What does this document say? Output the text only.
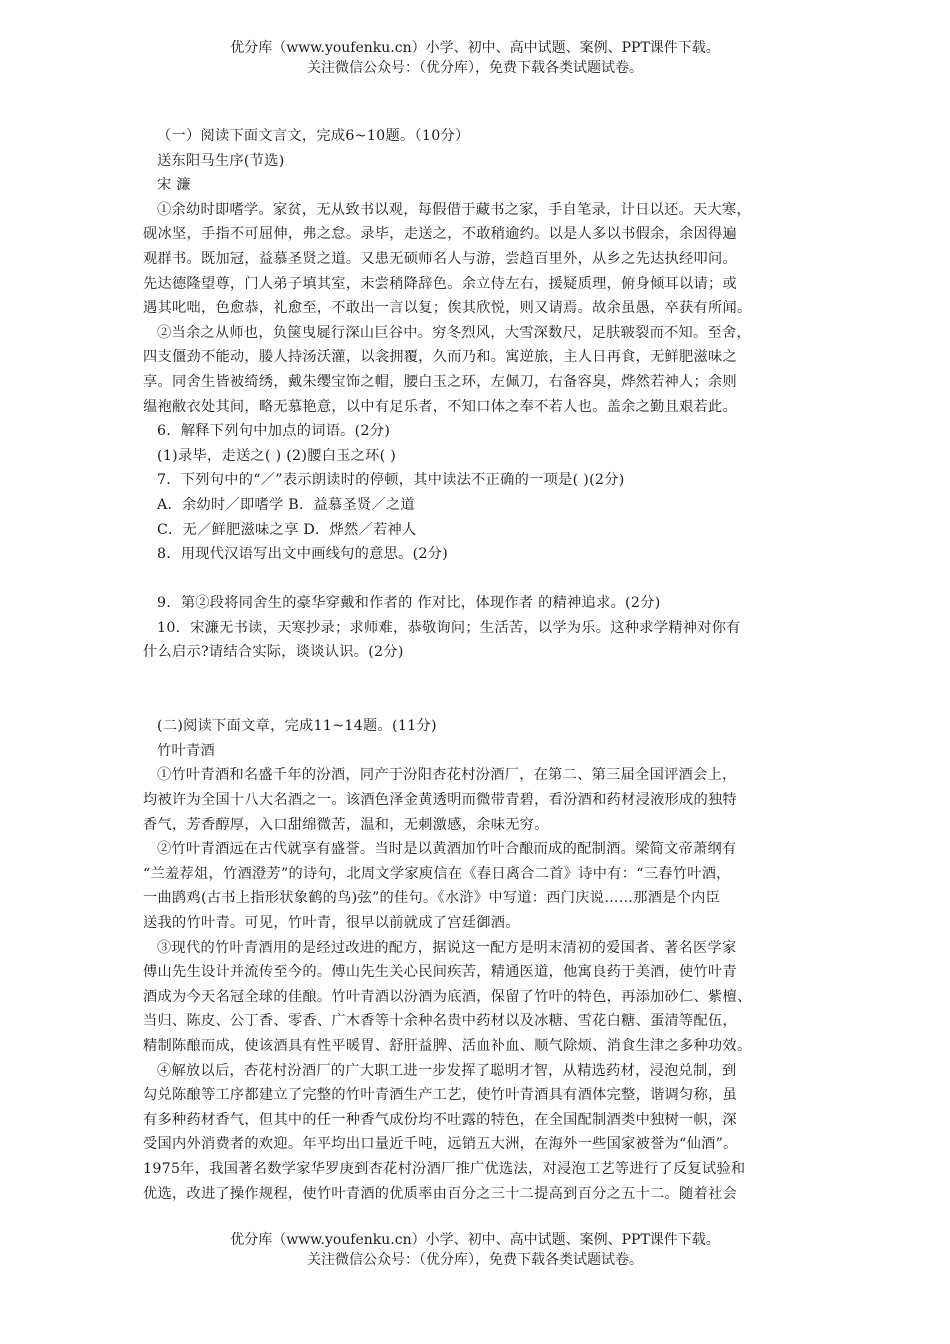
优分库（www.youfenku.cn）小学、初中、高中试题、案例、PPT课件下载。
关注微信公众号：（优分库），免费下载各类试题试卷。
（一）阅读下面文言文，完成6~10题。（10分）
送东阳马生序(节选)
宋 濂
①余幼时即嗜学。家贫，无从致书以观，每假借于藏书之家，手自笔录，计日以还。天大寒，
砚冰坚，手指不可屈伸，弗之怠。录毕，走送之，不敢稍逾约。以是人多以书假余，余因得遍
观群书。既加冠，益慕圣贤之道。又患无硕师名人与游，尝趋百里外，从乡之先达执经叩问。
先达德隆望尊，门人弟子填其室，未尝稍降辞色。余立侍左右，援疑质理，俯身倾耳以请；或
遇其叱咄，色愈恭，礼愈至，不敢出一言以复；俟其欣悦，则又请焉。故余虽愚，卒获有所闻。
②当余之从师也，负箧曳屣行深山巨谷中。穷冬烈风，大雪深数尺，足肤皲裂而不知。至舍，
四支僵劲不能动，媵人持汤沃灌，以衾拥覆，久而乃和。寓逆旅，主人日再食，无鲜肥滋味之
享。同舍生皆被绮绣，戴朱缨宝饰之帽，腰白玉之环，左佩刀，右备容臭，烨然若神人；余则
缊袍敝衣处其间，略无慕艳意，以中有足乐者，不知口体之奉不若人也。盖余之勤且艰若此。
6．解释下列句中加点的词语。(2分)
(1)录毕，走送之( ) (2)腰白玉之环( )
7．下列句中的“／”表示朗读时的停顿，其中读法不正确的一项是( )(2分)
A．余幼时／即嗜学 B．益慕圣贤／之道
C．无／鲜肥滋味之享 D．烨然／若神人
8．用现代汉语写出文中画线句的意思。(2分)
9．第②段将同舍生的豪华穿戴和作者的 作对比，体现作者 的精神追求。(2分)
10．宋濂无书读，天寒抄录；求师难，恭敬询问；生活苦，以学为乐。这种求学精神对你有
什么启示?请结合实际，谈谈认识。(2分)
(二)阅读下面文章，完成11~14题。(11分)
竹叶青酒
①竹叶青酒和名盛千年的汾酒，同产于汾阳杏花村汾酒厂，在第二、第三届全国评酒会上，
均被许为全国十八大名酒之一。该酒色泽金黄透明而微带青碧，看汾酒和药材浸液形成的独特
香气，芳香醇厚，入口甜绵微苦，温和，无刺激感，余味无穷。
②竹叶青酒远在古代就享有盛誉。当时是以黄酒加竹叶合酿而成的配制酒。梁简文帝萧纲有
“兰羞荐俎，竹酒澄芳”的诗句，北周文学家庾信在《春日离合二首》诗中有：“三春竹叶酒，
一曲鹍鸡(古书上指形状象鹤的鸟)弦”的佳句。《水浒》中写道：西门庆说……那酒是个内臣
送我的竹叶青。可见，竹叶青，很早以前就成了宫廷御酒。
③现代的竹叶青酒用的是经过改进的配方，据说这一配方是明末清初的爱国者、著名医学家
傅山先生设计并流传至今的。傅山先生关心民间疾苦，精通医道，他寓良药于美酒，使竹叶青
酒成为今天名冠全球的佳酿。竹叶青酒以汾酒为底酒，保留了竹叶的特色，再添加砂仁、紫檀、
当归、陈皮、公丁香、零香、广木香等十余种名贵中药材以及冰糖、雪花白糖、蛋清等配伍，
精制陈酿而成，使该酒具有性平暖胃、舒肝益脾、活血补血、顺气除烦、消食生津之多种功效。
④解放以后，杏花村汾酒厂的广大职工进一步发挥了聪明才智，从精选药材，浸泡兑制，到
勾兑陈酿等工序都建立了完整的竹叶青酒生产工艺，使竹叶青酒具有酒体完整，谐调匀称，虽
有多种药材香气，但其中的任一种香气成份均不吐露的特色，在全国配制酒类中独树一帜，深
受国内外消费者的欢迎。年平均出口量近千吨，远销五大洲，在海外一些国家被誉为“仙酒”。
1975年，我国著名数学家华罗庚到杏花村汾酒厂推广优选法，对浸泡工艺等进行了反复试验和
优选，改进了操作规程，使竹叶青酒的优质率由百分之三十二提高到百分之五十二。随着社会
优分库（www.youfenku.cn）小学、初中、高中试题、案例、PPT课件下载。
关注微信公众号：（优分库），免费下载各类试题试卷。
